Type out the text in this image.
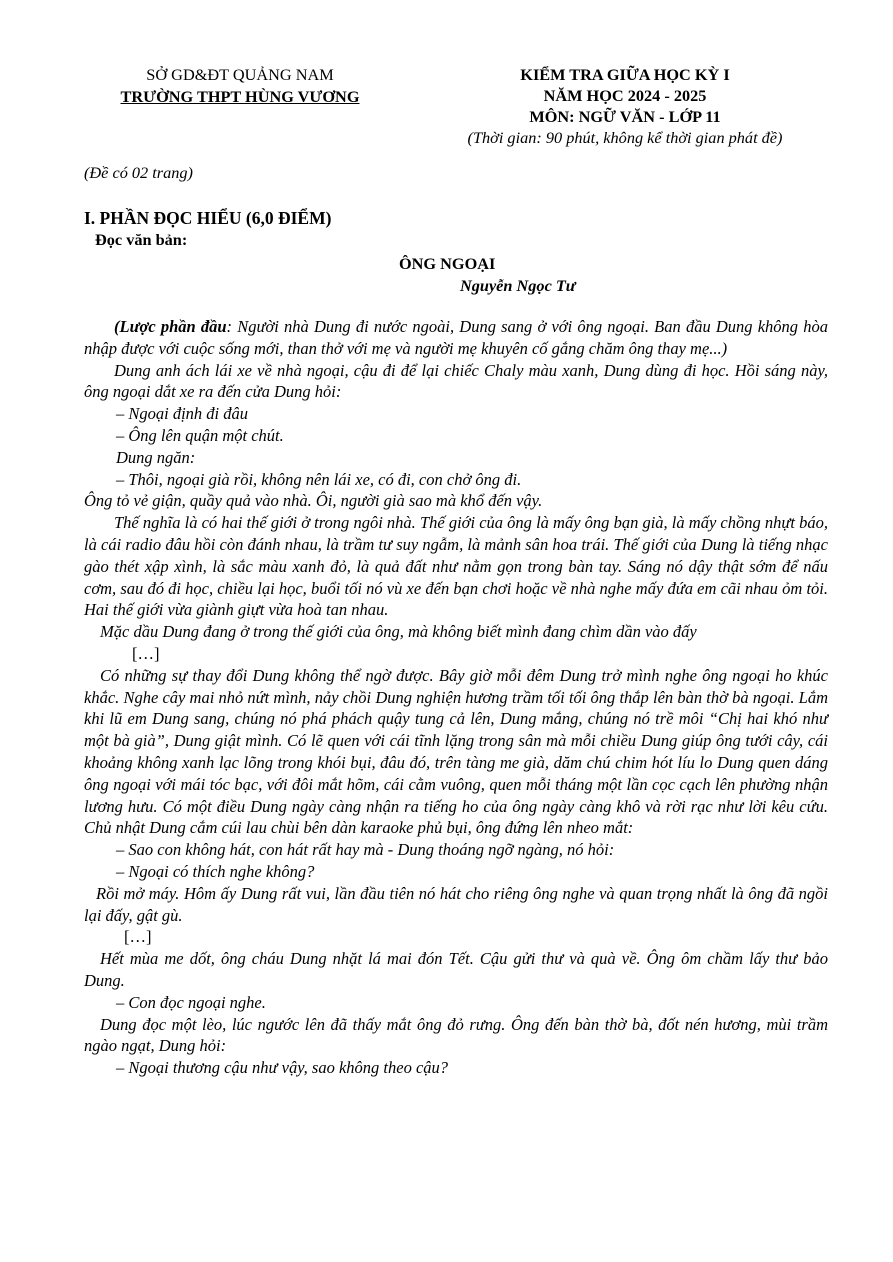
SỞ GD&ĐT QUẢNG NAM
TRƯỜNG THPT HÙNG VƯƠNG
KIỂM TRA GIỮA HỌC KỲ I
NĂM HỌC 2024 - 2025
MÔN: NGỮ VĂN - LỚP 11
(Thời gian: 90 phút, không kể thời gian phát đề)
(Đề có 02 trang)
I. PHẦN ĐỌC HIỂU (6,0 ĐIỂM)
Đọc văn bản:
ÔNG NGOẠI
Nguyễn Ngọc Tư

(Lược phần đầu: Người nhà Dung đi nước ngoài, Dung sang ở với ông ngoại. Ban đầu Dung không hòa nhập được với cuộc sống mới, than thở với mẹ và người mẹ khuyên cố gắng chăm ông thay mẹ...)

Dung anh ách lái xe về nhà ngoại, cậu đi để lại chiếc Chaly màu xanh, Dung dùng đi học. Hồi sáng này, ông ngoại dắt xe ra đến cửa Dung hỏi:

– Ngoại định đi đâu

– Ông lên quận một chút.

Dung ngăn:

– Thôi, ngoại già rồi, không nên lái xe, có đi, con chở ông đi.

Ông tỏ vẻ giận, quầy quả vào nhà. Ôi, người già sao mà khổ đến vậy.

Thế nghĩa là có hai thế giới ở trong ngôi nhà. Thế giới của ông là mấy ông bạn già, là mấy chồng nhựt báo, là cái radio đâu hồi còn đánh nhau, là trầm tư suy ngẫm, là mảnh sân hoa trái. Thế giới của Dung là tiếng nhạc gào thét xập xình, là sắc màu xanh đỏ, là quả đất như nằm gọn trong bàn tay. Sáng nó dậy thật sớm để nấu cơm, sau đó đi học, chiều lại học, buổi tối nó vù xe đến bạn chơi hoặc về nhà nghe mấy đứa em cãi nhau ỏm tỏi. Hai thế giới vừa giành giựt vừa hoà tan nhau.

Mặc dầu Dung đang ở trong thế giới của ông, mà không biết mình đang chìm dần vào đấy

[…]

Có những sự thay đổi Dung không thể ngờ được. Bây giờ mỗi đêm Dung trở mình nghe ông ngoại ho khúc khắc. Nghe cây mai nhỏ nứt mình, nảy chồi Dung nghiện hương trầm tối tối ông thắp lên bàn thờ bà ngoại. Lắm khi lũ em Dung sang, chúng nó phá phách quậy tung cả lên, Dung mắng, chúng nó trề môi “Chị hai khó như một bà già”, Dung giật mình. Có lẽ quen với cái tĩnh lặng trong sân mà mỗi chiều Dung giúp ông tưới cây, cái khoảng không xanh lạc lõng trong khói bụi, đâu đó, trên tàng me già, dăm chú chim hót líu lo Dung quen dáng ông ngoại với mái tóc bạc, với đôi mắt hõm, cái cằm vuông, quen mỗi tháng một lần cọc cạch lên phường nhận lương hưu. Có một điều Dung ngày càng nhận ra tiếng ho của ông ngày càng khô và rời rạc như lời kêu cứu. Chủ nhật Dung cắm cúi lau chùi bên dàn karaoke phủ bụi, ông đứng lên nheo mắt:

– Sao con không hát, con hát rất hay mà - Dung thoáng ngỡ ngàng, nó hỏi:

– Ngoại có thích nghe không?

Rồi mở máy. Hôm ấy Dung rất vui, lần đầu tiên nó hát cho riêng ông nghe và quan trọng nhất là ông đã ngồi lại đấy, gật gù.

[…]

Hết mùa me dốt, ông cháu Dung nhặt lá mai đón Tết. Cậu gửi thư và quà về. Ông ôm chầm lấy thư bảo Dung.

– Con đọc ngoại nghe.

Dung đọc một lèo, lúc ngước lên đã thấy mắt ông đỏ rưng. Ông đến bàn thờ bà, đốt nén hương, mùi trầm ngào ngạt, Dung hỏi:

– Ngoại thương cậu như vậy, sao không theo cậu?
